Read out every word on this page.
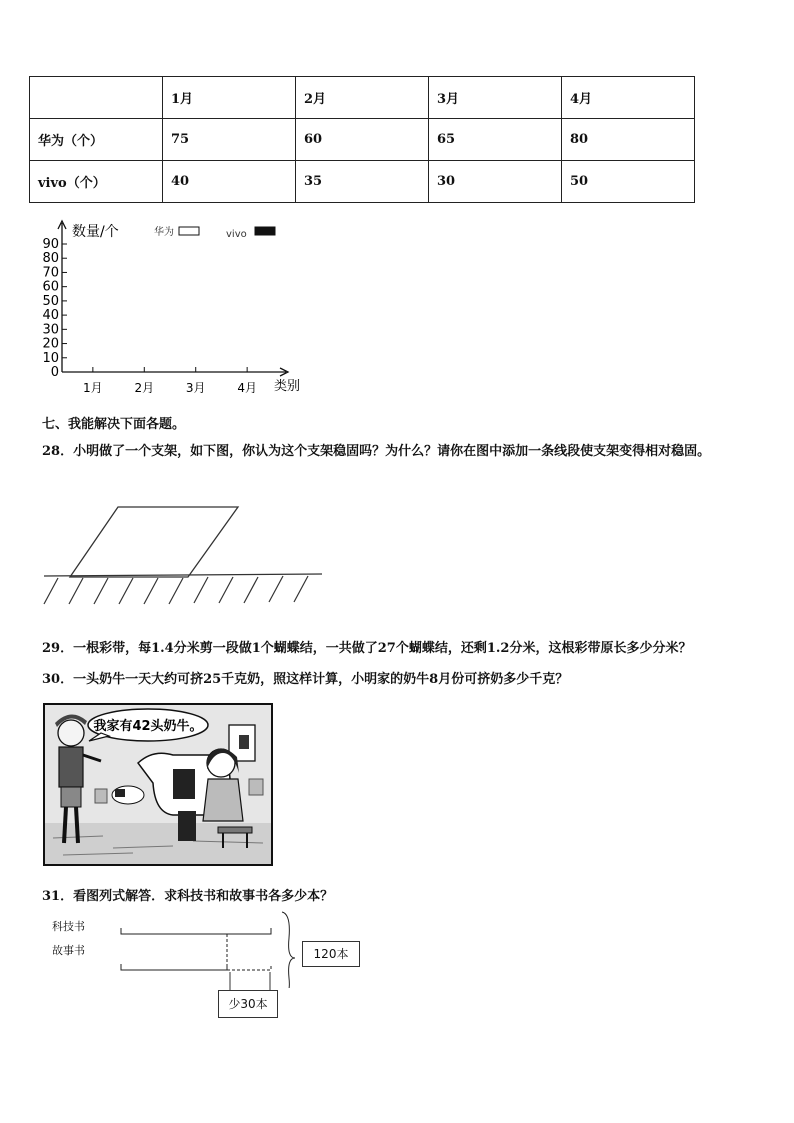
	1月	2月	3月	4月
华为（个）	75	60	65	80
vivo（个）	40	35	30	50
0
10
20
30
40
50
60
70
80
90
1月	2月	3月	4月
数量/个
类别
华为	vivo
七、我能解决下面各题。
28．小明做了一个支架，如下图，你认为这个支架稳固吗？为什么？请你在图中添加一条线段使支架变得相对稳固。
29．一根彩带，每1.4分米剪一段做1个蝴蝶结，一共做了27个蝴蝶结，还剩1.2分米，这根彩带原长多少分米？
30．一头奶牛一天大约可挤25千克奶，照这样计算，小明家的奶牛8月份可挤奶多少千克？
我家有42头奶牛。
31．看图列式解答．求科技书和故事书各多少本？
科技书
故事书	120本
少30本
